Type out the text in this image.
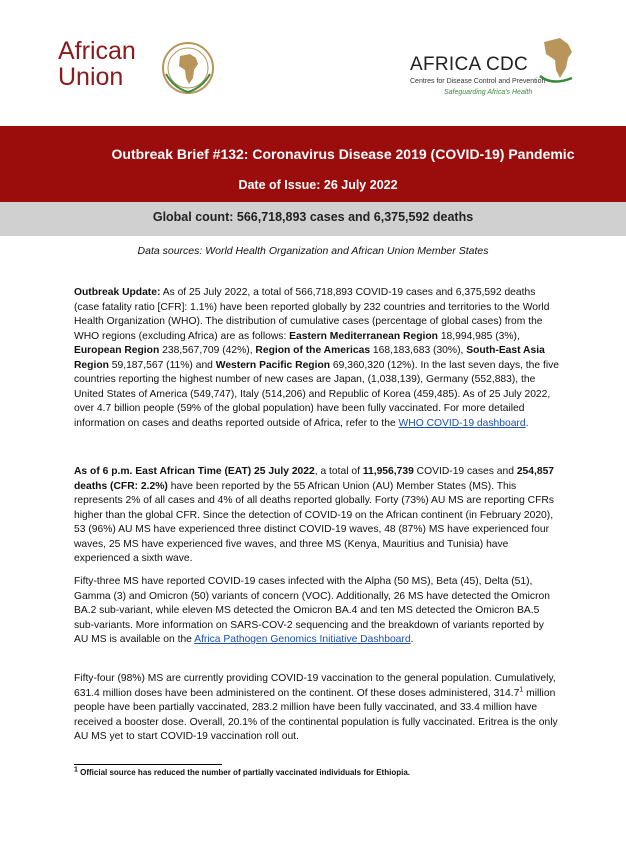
African
Union	AFRICA CDC
Centres for Disease Control and Prevention
Safeguarding Africa's Health
Outbreak Brief #132: Coronavirus Disease 2019 (COVID-19) Pandemic
Date of Issue: 26 July 2022
Global count: 566,718,893 cases and 6,375,592 deaths
Data sources: World Health Organization and African Union Member States

Outbreak Update: As of 25 July 2022, a total of 566,718,893 COVID-19 cases and 6,375,592 deaths (case fatality ratio [CFR]: 1.1%) have been reported globally by 232 countries and territories to the World Health Organization (WHO). The distribution of cumulative cases (percentage of global cases) from the WHO regions (excluding Africa) are as follows: Eastern Mediterranean Region 18,994,985 (3%), European Region 238,567,709 (42%), Region of the Americas 168,183,683 (30%), South-East Asia Region 59,187,567 (11%) and Western Pacific Region 69,360,320 (12%). In the last seven days, the five countries reporting the highest number of new cases are Japan, (1,038,139), Germany (552,883), the United States of America (549,747), Italy (514,206) and Republic of Korea (459,485). As of 25 July 2022, over 4.7 billion people (59% of the global population) have been fully vaccinated. For more detailed information on cases and deaths reported outside of Africa, refer to the WHO COVID-19 dashboard.

As of 6 p.m. East African Time (EAT) 25 July 2022, a total of 11,956,739 COVID-19 cases and 254,857 deaths (CFR: 2.2%) have been reported by the 55 African Union (AU) Member States (MS). This represents 2% of all cases and 4% of all deaths reported globally. Forty (73%) AU MS are reporting CFRs higher than the global CFR. Since the detection of COVID-19 on the African continent (in February 2020), 53 (96%) AU MS have experienced three distinct COVID-19 waves, 48 (87%) MS have experienced four waves, 25 MS have experienced five waves, and three MS (Kenya, Mauritius and Tunisia) have experienced a sixth wave.

Fifty-three MS have reported COVID-19 cases infected with the Alpha (50 MS), Beta (45), Delta (51), Gamma (3) and Omicron (50) variants of concern (VOC). Additionally, 26 MS have detected the Omicron BA.2 sub-variant, while eleven MS detected the Omicron BA.4 and ten MS detected the Omicron BA.5 sub-variants. More information on SARS-COV-2 sequencing and the breakdown of variants reported by AU MS is available on the Africa Pathogen Genomics Initiative Dashboard.

Fifty-four (98%) MS are currently providing COVID-19 vaccination to the general population. Cumulatively, 631.4 million doses have been administered on the continent. Of these doses administered, 314.7$^1$ million people have been partially vaccinated, 283.2 million have been fully vaccinated, and 33.4 million have received a booster dose. Overall, 20.1% of the continental population is fully vaccinated. Eritrea is the only AU MS yet to start COVID-19 vaccination roll out.

$^1$ Official source has reduced the number of partially vaccinated individuals for Ethiopia.
